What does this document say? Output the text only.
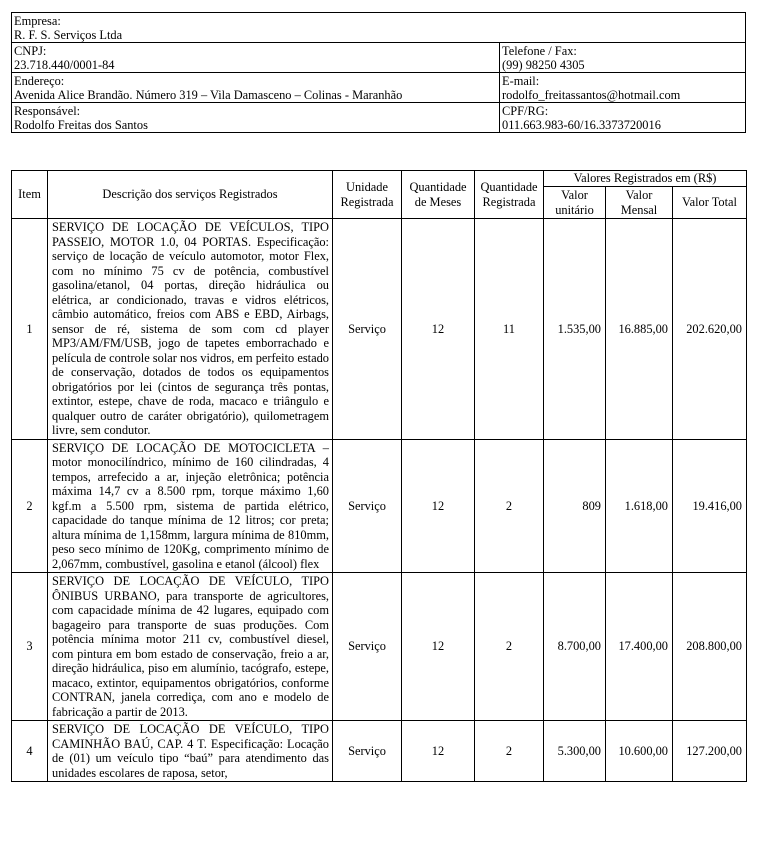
Empresa:
R. F. S. Serviços Ltda	

CNPJ:
23.718.440/0001-84

Telefone / Fax:
(99) 98250 4305

Endereço:
Avenida Alice Brandão. Número 319 – Vila Damasceno – Colinas - Maranhão

E-mail:
rodolfo_freitassantos@hotmail.com

Responsável:
Rodolfo Freitas dos Santos

CPF/RG:
011.663.983-60/16.3373720016
Item	Descrição dos serviços Registrados	Unidade Registrada	Quantidade de Meses	Quantidade Registrada	Valores Registrados em (R$)		
					Valor unitário	Valor Mensal	Valor Total
1	SERVIÇO DE LOCAÇÃO DE VEÍCULOS, TIPO PASSEIO, MOTOR 1.0, 04 PORTAS. Especificação: serviço de locação de veículo automotor, motor Flex, com no mínimo 75 cv de potência, combustível gasolina/etanol, 04 portas, direção hidráulica ou elétrica, ar condicionado, travas e vidros elétricos, câmbio automático, freios com ABS e EBD, Airbags, sensor de ré, sistema de som com cd player MP3/AM/FM/USB, jogo de tapetes emborrachado e película de controle solar nos vidros, em perfeito estado de conservação, dotados de todos os equipamentos obrigatórios por lei (cintos de segurança três pontas, extintor, estepe, chave de roda, macaco e triângulo e qualquer outro de caráter obrigatório), quilometragem livre, sem condutor.	Serviço	12	11	1.535,00	16.885,00	202.620,00
2	SERVIÇO DE LOCAÇÃO DE MOTOCICLETA – motor monocilíndrico, mínimo de 160 cilindradas, 4 tempos, arrefecido a ar, injeção eletrônica; potência máxima 14,7 cv a 8.500 rpm, torque máximo 1,60 kgf.m a 5.500 rpm, sistema de partida elétrico, capacidade do tanque mínima de 12 litros; cor preta; altura mínima de 1,158mm, largura mínima de 810mm, peso seco mínimo de 120Kg, comprimento mínimo de 2,067mm, combustível, gasolina e etanol (álcool) flex	Serviço	12	2	809	1.618,00	19.416,00
3	SERVIÇO DE LOCAÇÃO DE VEÍCULO, TIPO ÔNIBUS URBANO, para transporte de agricultores, com capacidade mínima de 42 lugares, equipado com bagageiro para transporte de suas produções. Com potência mínima motor 211 cv, combustível diesel, com pintura em bom estado de conservação, freio a ar, direção hidráulica, piso em alumínio, tacógrafo, estepe, macaco, extintor, equipamentos obrigatórios, conforme CONTRAN, janela corrediça, com ano e modelo de fabricação a partir de 2013.	Serviço	12	2	8.700,00	17.400,00	208.800,00
4	SERVIÇO DE LOCAÇÃO DE VEÍCULO, TIPO CAMINHÃO BAÚ, CAP. 4 T. Especificação: Locação de (01) um veículo tipo “baú” para atendimento das unidades escolares de raposa, setor,	Serviço	12	2	5.300,00	10.600,00	127.200,00
